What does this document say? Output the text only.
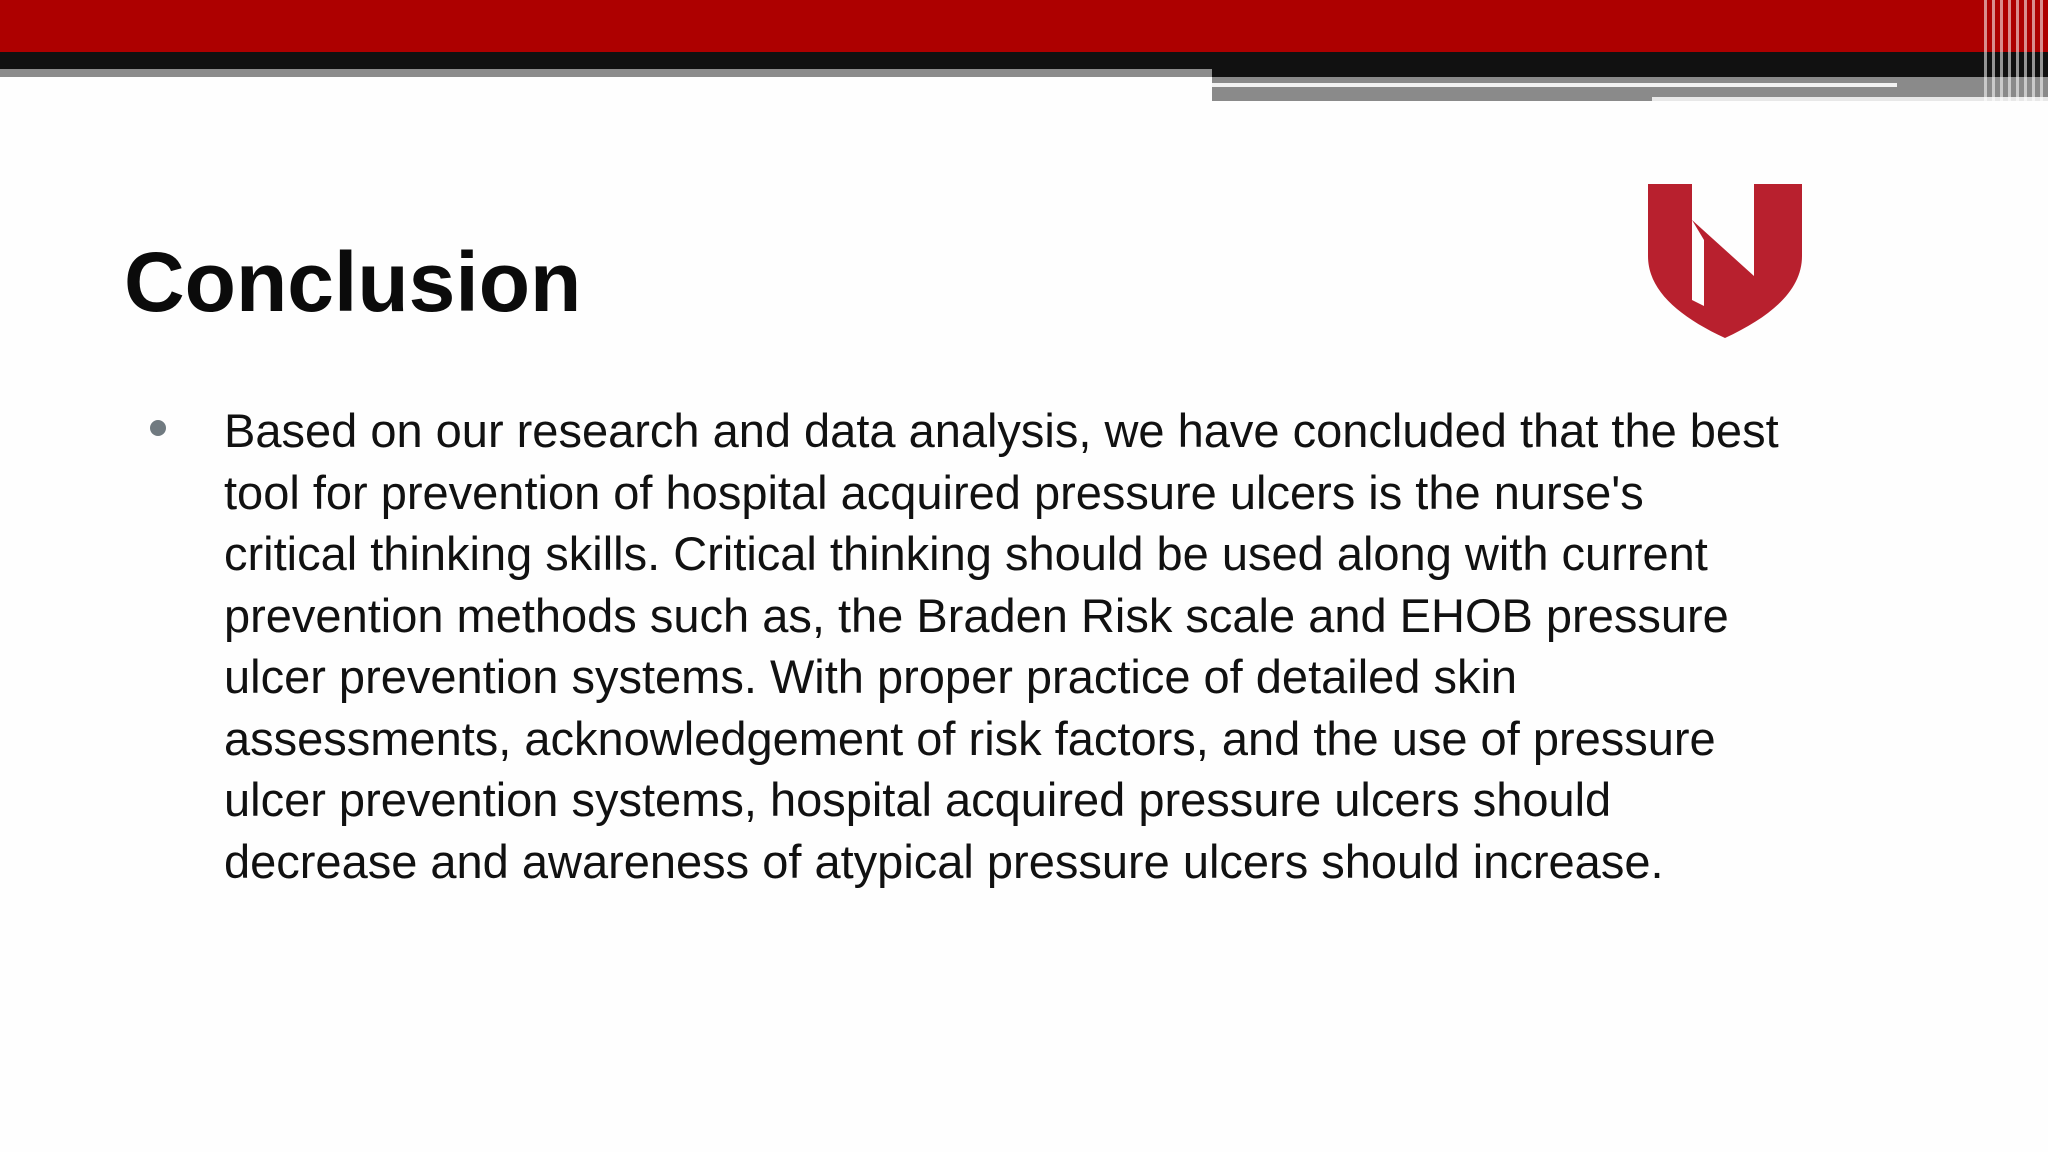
Conclusion

Based on our research and data analysis, we have concluded that the best
tool for prevention of hospital acquired pressure ulcers is the nurse's
critical thinking skills. Critical thinking should be used along with current
prevention methods such as, the Braden Risk scale and EHOB pressure
ulcer prevention systems. With proper practice of detailed skin
assessments, acknowledgement of risk factors, and the use of pressure
ulcer prevention systems, hospital acquired pressure ulcers should
decrease and awareness of atypical pressure ulcers should increase.
